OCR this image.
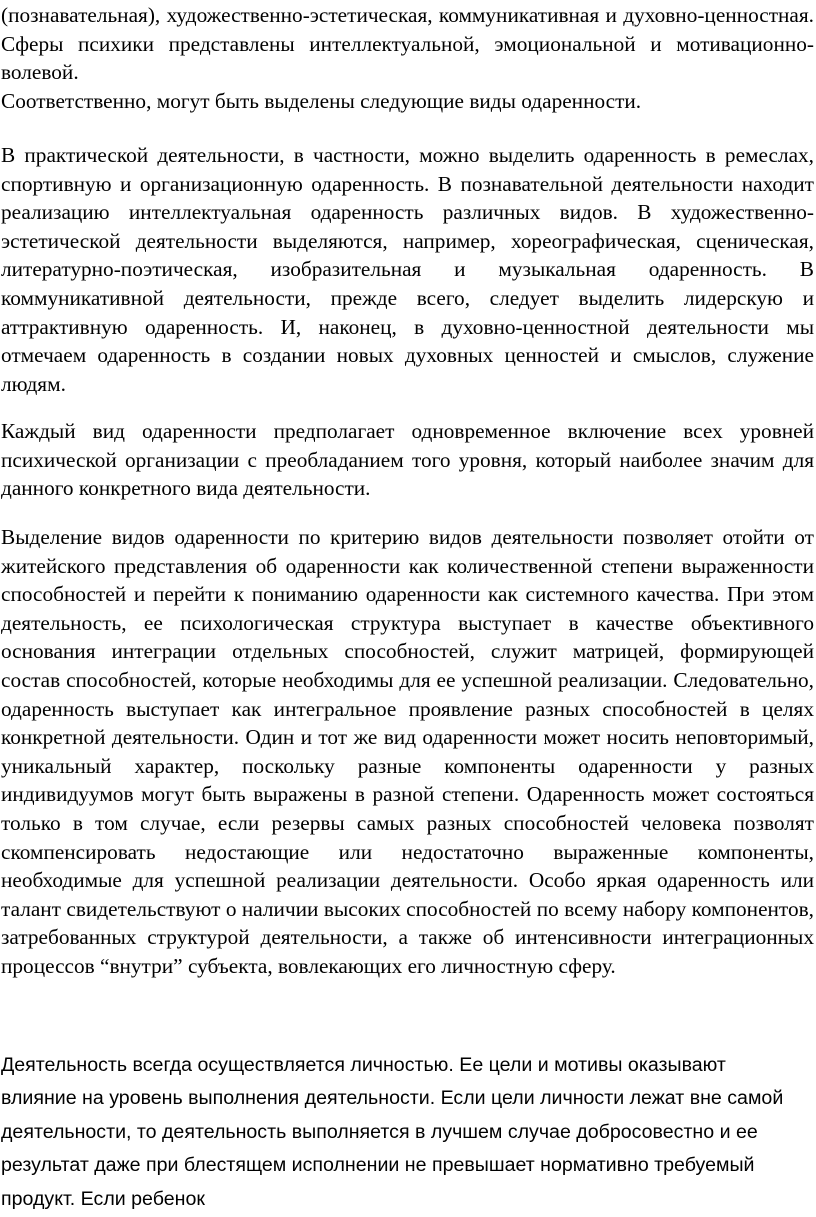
(познавательная), художественно-эстетическая, коммуникативная и духовно-ценностная. Сферы психики представлены интеллектуальной, эмоциональной и мотивационно-волевой.

Соответственно, могут быть выделены следующие виды одаренности.

В практической деятельности, в частности, можно выделить одаренность в ремеслах, спортивную и организационную одаренность. В познавательной деятельности находит реализацию интеллектуальная одаренность различных видов. В художественно-эстетической деятельности выделяются, например, хореографическая, сценическая, литературно-поэтическая, изобразительная и музыкальная одаренность. В коммуникативной деятельности, прежде всего, следует выделить лидерскую и аттрактивную одаренность. И, наконец, в духовно-ценностной деятельности мы отмечаем одаренность в создании новых духовных ценностей и смыслов, служение людям.

Каждый вид одаренности предполагает одновременное включение всех уровней психической организации с преобладанием того уровня, который наиболее значим для данного конкретного вида деятельности.

Выделение видов одаренности по критерию видов деятельности позволяет отойти от житейского представления об одаренности как количественной степени выраженности способностей и перейти к пониманию одаренности как системного качества. При этом деятельность, ее психологическая структура выступает в качестве объективного основания интеграции отдельных способностей, служит матрицей, формирующей состав способностей, которые необходимы для ее успешной реализации. Следовательно, одаренность выступает как интегральное проявление разных способностей в целях конкретной деятельности. Один и тот же вид одаренности может носить неповторимый, уникальный характер, поскольку разные компоненты одаренности у разных индивидуумов могут быть выражены в разной степени. Одаренность может состояться только в том случае, если резервы самых разных способностей человека позволят скомпенсировать недостающие или недостаточно выраженные компоненты, необходимые для успешной реализации деятельности. Особо яркая одаренность или талант свидетельствуют о наличии высоких способностей по всему набору компонентов, затребованных структурой деятельности, а также об интенсивности интеграционных процессов “внутри” субъекта, вовлекающих его личностную сферу.

Деятельность всегда осуществляется личностью. Ее цели и мотивы оказывают влияние на уровень выполнения деятельности. Если цели личности лежат вне самой деятельности, то деятельность выполняется в лучшем случае добросовестно и ее результат даже при блестящем исполнении не превышает нормативно требуемый продукт. Если ребенок
